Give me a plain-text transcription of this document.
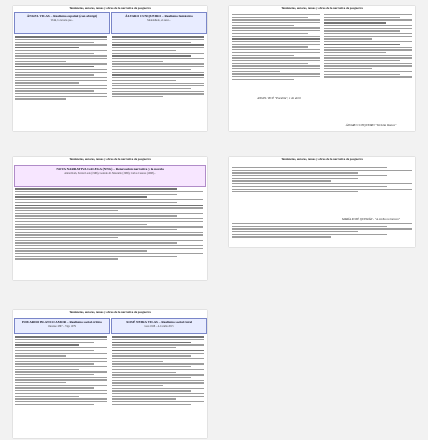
Tendencias, autores, temas y obras de la narrativa de posguerra
ÁNGEL VILAS – Realismo español (con abrégé)
Vidal, la novela que...
ÁLVARO CUNQUEIRO – Realismo fantástico
Mondoñedo, el autor...
Tendencias, autores, temas y obras de la narrativa de posguerra
ANGEL VICÉ "Pocalila", 1 de abril
ÁLVARO CUNQUEIRO "Tertulia blanca"
Tendencias, autores, temas y obras de la narrativa de posguerra
NOVA NARRATIVA GALEGA (NNG) – Renovación narrativa y la novela
Antón Rom, Xavier Lado (1966), Gonzalo R. Mourullo (1968), Carlos Casares (1968)...
Tendencias, autores, temas y obras de la narrativa de posguerra
MARÍA XOSÉ QUEIZÁN - "A orella no buraco"
Tendencias, autores, temas y obras de la narrativa de posguerra
EDUARDO BLANCO AMOR – Realismo social crítico
Ourense 1897 – Vigo 1979
XOSÉ NEIRA VILAS – Realismo social rural
Gres 1928 – A Coruña 2015
